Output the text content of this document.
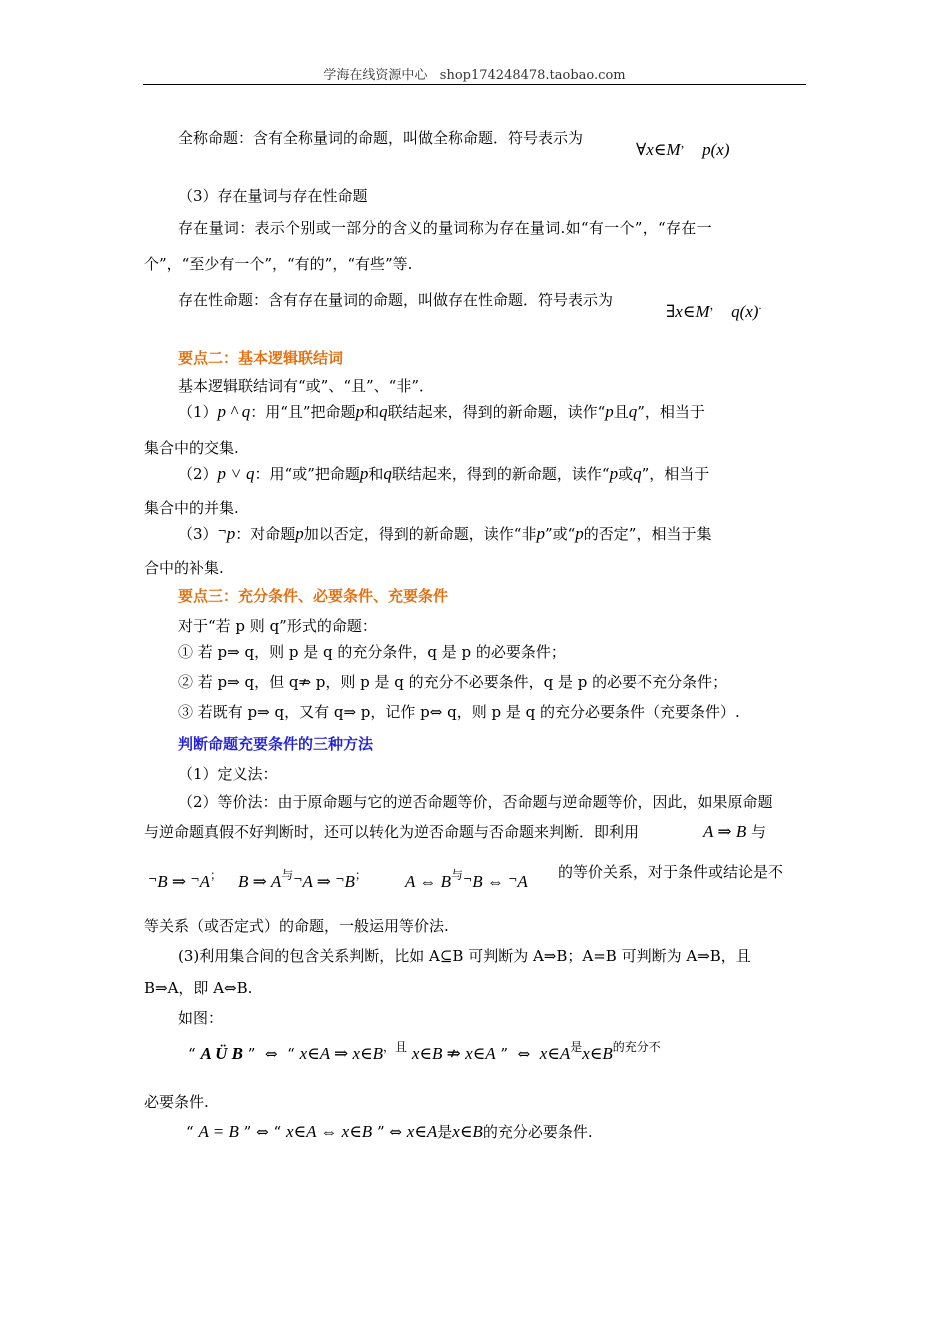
学海在线资源中心 shop174248478.taobao.com
全称命题：含有全称量词的命题，叫做全称命题．符号表示为
∀x∈M， p(x)
（3）存在量词与存在性命题
存在量词：表示个别或一部分的含义的量词称为存在量词.如“有一个”，“存在一
个”，“至少有一个”，“有的”，“有些”等.
存在性命题：含有存在量词的命题，叫做存在性命题．符号表示为
∃x∈M， q(x).
要点二：基本逻辑联结词
基本逻辑联结词有“或”、“且”、“非”．
（1）p ^ q：用“且”把命题p和q联结起来，得到的新命题，读作“p且q”，相当于
集合中的交集.
（2）p ˅ q：用“或”把命题p和q联结起来，得到的新命题，读作“p或q”，相当于
集合中的并集.
（3）¬p：对命题p加以否定，得到的新命题，读作“非p”或“p的否定”，相当于集
合中的补集.
要点三：充分条件、必要条件、充要条件
对于“若 p 则 q”形式的命题：
① 若 p⇒ q，则 p 是 q 的充分条件，q 是 p 的必要条件；
② 若 p⇒ q，但 q⇏ p，则 p 是 q 的充分不必要条件，q 是 p 的必要不充分条件；
③ 若既有 p⇒ q，又有 q⇒ p，记作 p⇔ q，则 p 是 q 的充分必要条件（充要条件）.
判断命题充要条件的三种方法
（1）定义法：
（2）等价法：由于原命题与它的逆否命题等价，否命题与逆命题等价，因此，如果原命题
与逆命题真假不好判断时，还可以转化为逆否命题与否命题来判断．即利用	A ⇒ B 与
¬B ⇒ ¬A； B ⇒ $A^{与\neg}A$ ⇒ ¬B； A ⇔ $B^{与\neg}B$ ⇔ ¬A 的等价关系，对于条件或结论是不
等关系（或否定式）的命题，一般运用等价法.
(3)利用集合间的包含关系判断，比如 A⊆B 可判断为 A⇒B；A=B 可判断为 A⇒B，且
B⇒A，即 A⇔B.
如图：
“ A Ü B ” ⇔ “ x∈A ⇒ $x\in B^{,且}$ x∈B ⇏ x∈A ” ⇔ $x\in A^是x\in B^{的充分不}$
必要条件.
“ A = B ” ⇔ “ x∈A ⇔ x∈B ” ⇔ x∈A是x∈B的充分必要条件.
